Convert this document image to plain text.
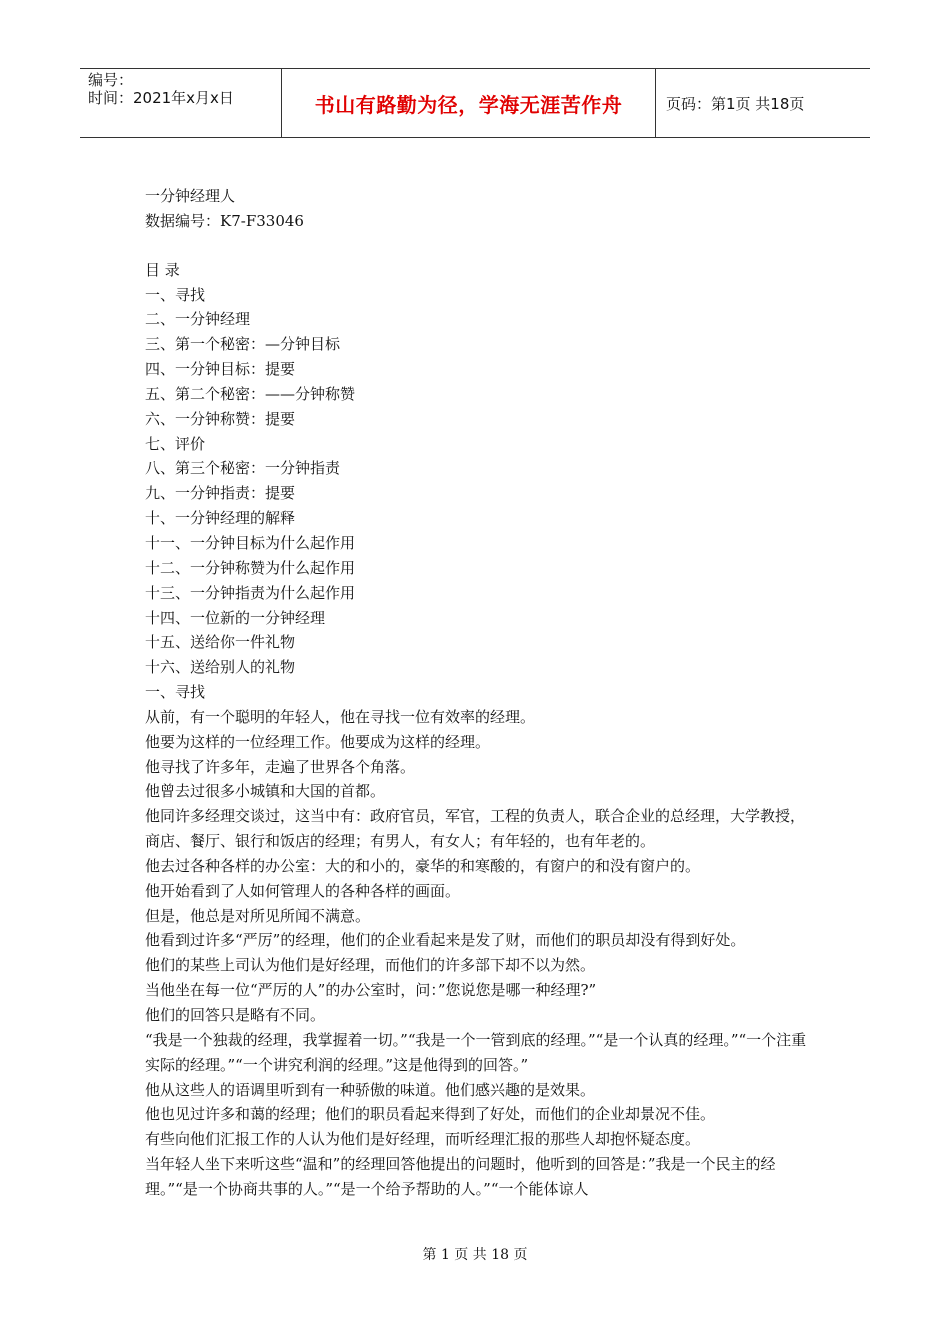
编号：
时间：2021年x月x日	书山有路勤为径，学海无涯苦作舟	页码：第1页 共18页
一分钟经理人
数据编号：K7-F33046
目 录
一、寻找
二、一分钟经理
三、第一个秘密：—分钟目标
四、一分钟目标：提要
五、第二个秘密：——分钟称赞
六、一分钟称赞：提要
七、评价
八、第三个秘密：一分钟指责
九、一分钟指责：提要
十、一分钟经理的解释
十一、一分钟目标为什么起作用
十二、一分钟称赞为什么起作用
十三、一分钟指责为什么起作用
十四、一位新的一分钟经理
十五、送给你一件礼物
十六、送给别人的礼物
一、寻找
从前，有一个聪明的年轻人，他在寻找一位有效率的经理。
他要为这样的一位经理工作。他要成为这样的经理。
他寻找了许多年，走遍了世界各个角落。
他曾去过很多小城镇和大国的首都。
他同许多经理交谈过，这当中有：政府官员，军官，工程的负责人，联合企业的总经理，大学教授，商店、餐厅、银行和饭店的经理；有男人，有女人；有年轻的，也有年老的。
他去过各种各样的办公室：大的和小的，豪华的和寒酸的，有窗户的和没有窗户的。
他开始看到了人如何管理人的各种各样的画面。
但是，他总是对所见所闻不满意。
他看到过许多“严厉”的经理，他们的企业看起来是发了财，而他们的职员却没有得到好处。
他们的某些上司认为他们是好经理，而他们的许多部下却不以为然。
当他坐在每一位“严厉的人”的办公室时，问：”您说您是哪一种经理?”
他们的回答只是略有不同。
“我是一个独裁的经理，我掌握着一切。”“我是一个一管到底的经理。”“是一个认真的经理。”“一个注重实际的经理。”“一个讲究利润的经理。”这是他得到的回答。”
他从这些人的语调里听到有一种骄傲的味道。他们感兴趣的是效果。
他也见过许多和蔼的经理；他们的职员看起来得到了好处，而他们的企业却景况不佳。
有些向他们汇报工作的人认为他们是好经理，而听经理汇报的那些人却抱怀疑态度。
当年轻人坐下来听这些“温和”的经理回答他提出的问题时，他听到的回答是：”我是一个民主的经理。”“是一个协商共事的人。”“是一个给予帮助的人。”“一个能体谅人
第 1 页 共 18 页
